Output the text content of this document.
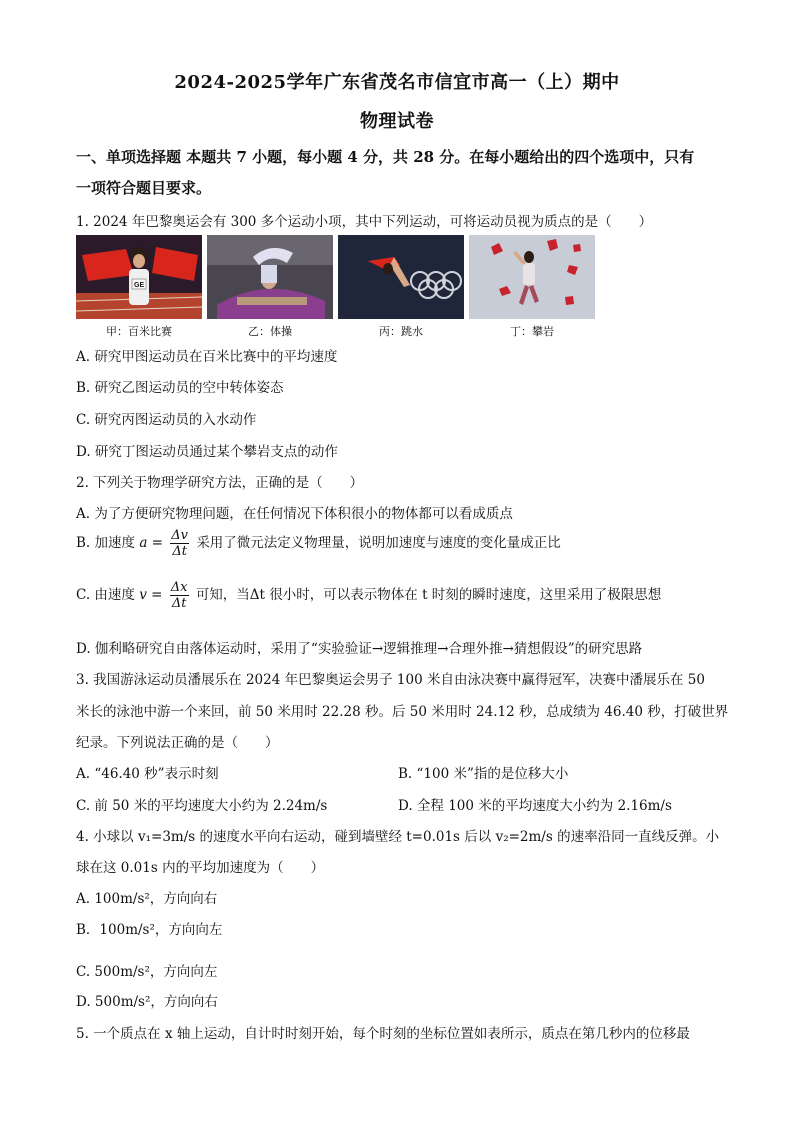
2024-2025学年广东省茂名市信宜市高一（上）期中
物理试卷
一、单项选择题 本题共 7 小题，每小题 4 分，共 28 分。在每小题给出的四个选项中，只有
一项符合题目要求。
1. 2024 年巴黎奥运会有 300 多个运动小项，其中下列运动，可将运动员视为质点的是（　　）
GE
甲：百米比赛	乙：体操	丙：跳水	丁：攀岩
A. 研究甲图运动员在百米比赛中的平均速度
B. 研究乙图运动员的空中转体姿态
C. 研究丙图运动员的入水动作
D. 研究丁图运动员通过某个攀岩支点的动作
2. 下列关于物理学研究方法，正确的是（　　）
A. 为了方便研究物理问题，在任何情况下体积很小的物体都可以看成质点
B. 加速度 $a = \frac{\Delta v}{\Delta t}$ 采用了微元法定义物理量，说明加速度与速度的变化量成正比
C. 由速度 $v = \frac{\Delta x}{\Delta t}$ 可知，当Δt 很小时，可以表示物体在 t 时刻的瞬时速度，这里采用了极限思想
D. 伽利略研究自由落体运动时，采用了“实验验证→逻辑推理→合理外推→猜想假设”的研究思路
3. 我国游泳运动员潘展乐在 2024 年巴黎奥运会男子 100 米自由泳决赛中赢得冠军，决赛中潘展乐在 50
米长的泳池中游一个来回，前 50 米用时 22.28 秒。后 50 米用时 24.12 秒，总成绩为 46.40 秒，打破世界
纪录。下列说法正确的是（　　）
A. “46.40 秒”表示时刻	B. “100 米”指的是位移大小
C. 前 50 米的平均速度大小约为 2.24m/s	D. 全程 100 米的平均速度大小约为 2.16m/s
4. 小球以 v₁=3m/s 的速度水平向右运动，碰到墙壁经 t=0.01s 后以 v₂=2m/s 的速率沿同一直线反弹。小
球在这 0.01s 内的平均加速度为（　　）
A. 100m/s²，方向向右
B．100m/s²，方向向左
C. 500m/s²，方向向左
D. 500m/s²，方向向右
5. 一个质点在 x 轴上运动，自计时时刻开始，每个时刻的坐标位置如表所示，质点在第几秒内的位移最
